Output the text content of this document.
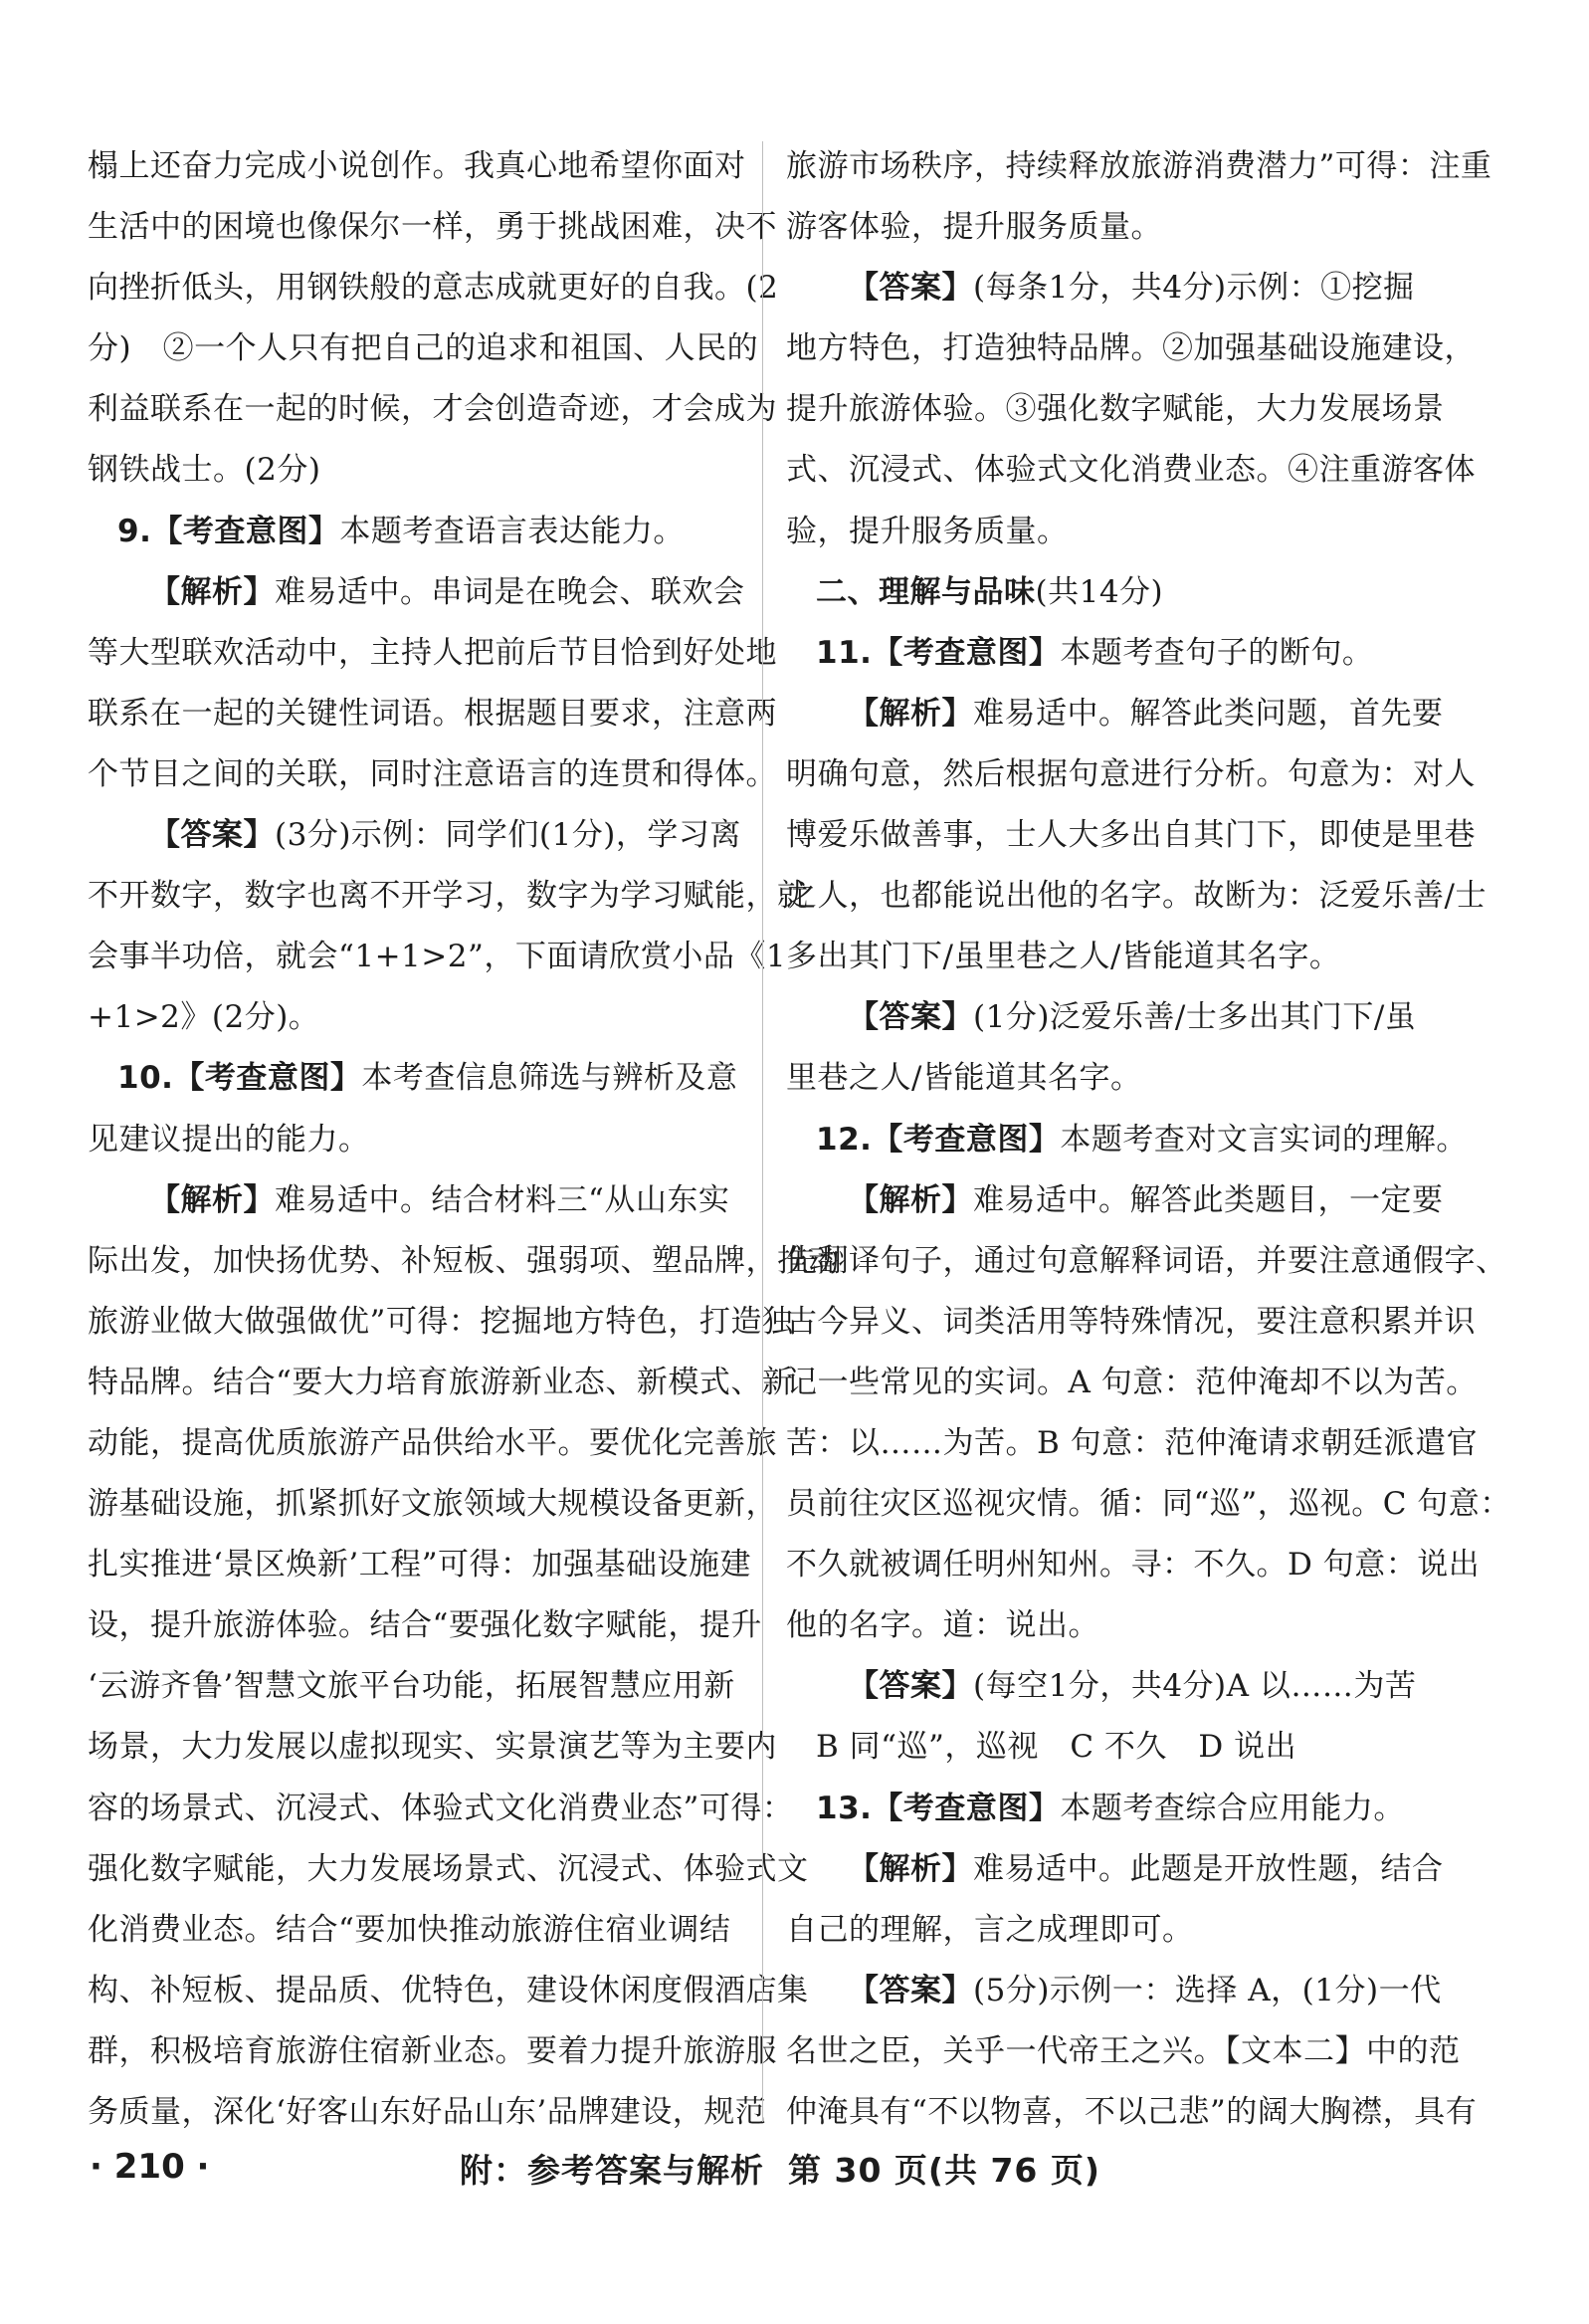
榻上还奋力完成小说创作。我真心地希望你面对
生活中的困境也像保尔一样，勇于挑战困难，决不
向挫折低头，用钢铁般的意志成就更好的自我。(2
分)　②一个人只有把自己的追求和祖国、人民的
利益联系在一起的时候，才会创造奇迹，才会成为
钢铁战士。(2分)
9.【考查意图】本题考查语言表达能力。
【解析】难易适中。串词是在晚会、联欢会
等大型联欢活动中，主持人把前后节目恰到好处地
联系在一起的关键性词语。根据题目要求，注意两
个节目之间的关联，同时注意语言的连贯和得体。
【答案】(3分)示例：同学们(1分)，学习离
不开数字，数字也离不开学习，数字为学习赋能，就
会事半功倍，就会“1+1>2”，下面请欣赏小品《1
+1>2》(2分)。
10.【考查意图】本考查信息筛选与辨析及意
见建议提出的能力。
【解析】难易适中。结合材料三“从山东实
际出发，加快扬优势、补短板、强弱项、塑品牌，推动
旅游业做大做强做优”可得：挖掘地方特色，打造独
特品牌。结合“要大力培育旅游新业态、新模式、新
动能，提高优质旅游产品供给水平。要优化完善旅
游基础设施，抓紧抓好文旅领域大规模设备更新，
扎实推进‘景区焕新’工程”可得：加强基础设施建
设，提升旅游体验。结合“要强化数字赋能，提升
‘云游齐鲁’智慧文旅平台功能，拓展智慧应用新
场景，大力发展以虚拟现实、实景演艺等为主要内
容的场景式、沉浸式、体验式文化消费业态”可得：
强化数字赋能，大力发展场景式、沉浸式、体验式文
化消费业态。结合“要加快推动旅游住宿业调结
构、补短板、提品质、优特色，建设休闲度假酒店集
群，积极培育旅游住宿新业态。要着力提升旅游服
务质量，深化‘好客山东好品山东’品牌建设，规范
旅游市场秩序，持续释放旅游消费潜力”可得：注重
游客体验，提升服务质量。
【答案】(每条1分，共4分)示例：①挖掘
地方特色，打造独特品牌。②加强基础设施建设，
提升旅游体验。③强化数字赋能，大力发展场景
式、沉浸式、体验式文化消费业态。④注重游客体
验，提升服务质量。
二、理解与品味(共14分)
11.【考查意图】本题考查句子的断句。
【解析】难易适中。解答此类问题，首先要
明确句意，然后根据句意进行分析。句意为：对人
博爱乐做善事，士人大多出自其门下，即使是里巷
之人，也都能说出他的名字。故断为：泛爱乐善/士
多出其门下/虽里巷之人/皆能道其名字。
【答案】(1分)泛爱乐善/士多出其门下/虽
里巷之人/皆能道其名字。
12.【考查意图】本题考查对文言实词的理解。
【解析】难易适中。解答此类题目，一定要
先翻译句子，通过句意解释词语，并要注意通假字、
古今异义、词类活用等特殊情况，要注意积累并识
记一些常见的实词。A 句意：范仲淹却不以为苦。
苦：以……为苦。B 句意：范仲淹请求朝廷派遣官
员前往灾区巡视灾情。循：同“巡”，巡视。C 句意：
不久就被调任明州知州。寻：不久。D 句意：说出
他的名字。道：说出。
【答案】(每空1分，共4分)A 以……为苦
B 同“巡”，巡视　C 不久　D 说出
13.【考查意图】本题考查综合应用能力。
【解析】难易适中。此题是开放性题，结合
自己的理解，言之成理即可。
【答案】(5分)示例一：选择 A，(1分)一代
名世之臣，关乎一代帝王之兴。【文本二】中的范
仲淹具有“不以物喜，不以己悲”的阔大胸襟，具有
· 210 ·	附：参考答案与解析 第 30 页(共 76 页)
